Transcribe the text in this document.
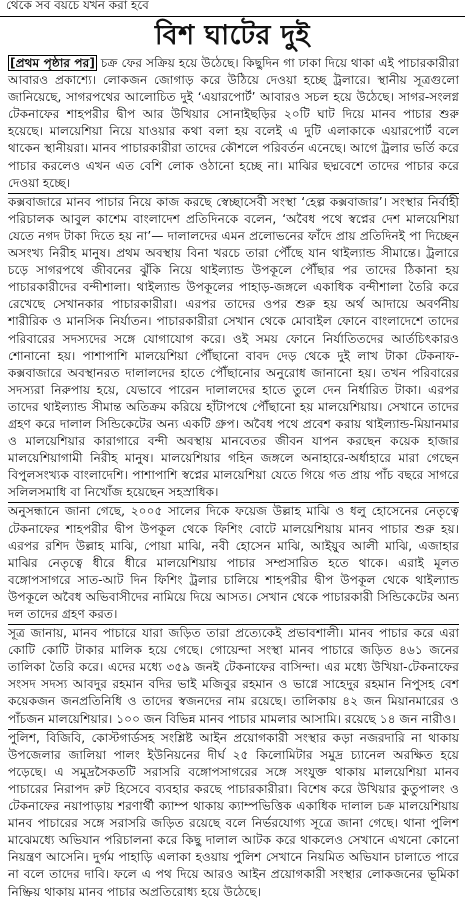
থেকে সব বয়চে যখন করা হবে
বিশ ঘাটের দুই

[প্রথম পৃষ্ঠার পর] চক্র ফের সক্রিয় হয়ে উঠেছে। কিছুদিন গা ঢাকা দিয়ে থাকা এই পাচারকারীরা আবারও প্রকাশ্যে। লোকজন জোগাড় করে উঠিয়ে দেওয়া হচ্ছে ট্রলারে। স্থানীয় সূত্রগুলো জানিয়েছে, সাগরপথের আলোচিত দুই ‘এয়ারপোর্ট’ আবারও সচল হয়ে উঠেছে। সাগর-সংলগ্ন টেকনাফের শাহপরীর দ্বীপ আর উখিয়ার সোনাইছড়ির ২০টি ঘাট দিয়ে মানব পাচার শুরু হয়েছে। মালয়েশিয়া নিয়ে যাওয়ার কথা বলা হয় বলেই এ দুটি এলাকাকে এয়ারপোর্ট বলে থাকেন স্থানীয়রা। মানব পাচারকারীরা তাদের কৌশলে পরিবর্তন এনেছে। আগে ট্রলার ভর্তি করে পাচার করলেও এখন এত বেশি লোক ওঠানো হচ্ছে না। মাঝির ছদ্মবেশে তাদের পাচার করে দেওয়া হচ্ছে।

কক্সবাজারে মানব পাচার নিয়ে কাজ করছে স্বেচ্ছাসেবী সংস্থা ‘হেল্প কক্সবাজার’। সংস্থার নির্বাহী পরিচালক আবুল কাশেম বাংলাদেশ প্রতিদিনকে বলেন, ‘অবৈধ পথে স্বপ্নের দেশ মালয়েশিয়া যেতে নগদ টাকা দিতে হয় না’— দালালদের এমন প্রলোভনের ফাঁদে প্রায় প্রতিদিনই পা দিচ্ছেন অসংখ্য নিরীহ মানুষ। প্রথম অবস্থায় বিনা খরচে তারা পৌঁছে যান থাইল্যান্ড সীমান্তে। ট্রলারে চড়ে সাগরপথে জীবনের ঝুঁকি নিয়ে থাইল্যান্ড উপকূলে পৌঁছার পর তাদের ঠিকানা হয় পাচারকারীদের বন্দীশালা। থাইল্যান্ড উপকূলের পাহাড়-জঙ্গলে একাধিক বন্দীশালা তৈরি করে রেখেছে সেখানকার পাচারকারীরা। এরপর তাদের ওপর শুরু হয় অর্থ আদায়ে অবর্ণনীয় শারীরিক ও মানসিক নির্যাতন। পাচারকারীরা সেখান থেকে মোবাইল ফোনে বাংলাদেশে তাদের পরিবারের সদস্যদের সঙ্গে যোগাযোগ করে। ওই সময় ফোনে নির্যাতিতদের আর্তচিৎকারও শোনানো হয়। পাশাপাশি মালয়েশিয়া পৌঁছানো বাবদ দেড় থেকে দুই লাখ টাকা টেকনাফ-কক্সবাজারে অবস্থানরত দালালদের হাতে পৌঁছানোর অনুরোধ জানানো হয়। তখন পরিবারের সদস্যরা নিরুপায় হয়ে, যেভাবে পারেন দালালদের হাতে তুলে দেন নির্ধারিত টাকা। এরপর তাদের থাইল্যান্ড সীমান্ত অতিক্রম করিয়ে হাঁটাপথে পৌঁছানো হয় মালয়েশিয়ায়। সেখানে তাদের গ্রহণ করে দালাল সিন্ডিকেটের অন্য একটি গ্রুপ। অবৈধ পথে প্রবেশ করায় থাইল্যান্ড-মিয়ানমার ও মালয়েশিয়ার কারাগারে বন্দী অবস্থায় মানবেতর জীবন যাপন করছেন কয়েক হাজার মালয়েশিয়াগামী নিরীহ মানুষ। মালয়েশিয়ার গহিন জঙ্গলে অনাহারে-অর্ধাহারে মারা গেছেন বিপুলসংখ্যক বাংলাদেশি। পাশাপাশি স্বপ্নের মালয়েশিয়া যেতে গিয়ে গত প্রায় পাঁচ বছরে সাগরে সলিলসমাধি বা নিখোঁজ হয়েছেন সহস্রাধিক।

অনুসন্ধানে জানা গেছে, ২০০৫ সালের দিকে ফয়েজ উল্লাহ মাঝি ও ধলু হোসেনের নেতৃত্বে টেকনাফের শাহপরীর দ্বীপ উপকূল থেকে ফিশিং বোটে মালয়েশিয়ায় মানব পাচার শুরু হয়। এরপর রশিদ উল্লাহ মাঝি, পোয়া মাঝি, নবী হোসেন মাঝি, আইয়ুব আলী মাঝি, এজাহার মাঝির নেতৃত্বে ধীরে ধীরে মালয়েশিয়ায় পাচার সম্প্রসারিত হতে থাকে। এরাই মূলত বঙ্গোপসাগরে সাত-আট দিন ফিশিং ট্রলার চালিয়ে শাহপরীর দ্বীপ উপকূল থেকে থাইল্যান্ড উপকূলে অবৈধ অভিবাসীদের নামিয়ে দিয়ে আসত। সেখান থেকে পাচারকারী সিন্ডিকেটের অন্য দল তাদের গ্রহণ করত।

সূত্র জানায়, মানব পাচারে যারা জড়িত তারা প্রত্যেকেই প্রভাবশালী। মানব পাচার করে এরা কোটি কোটি টাকার মালিক হয়ে গেছে। গোয়েন্দা সংস্থা মানব পাচারে জড়িত ৪৬১ জনের তালিকা তৈরি করে। এদের মধ্যে ৩৫৯ জনই টেকনাফের বাসিন্দা। এর মধ্যে উখিয়া-টেকনাফের সংসদ সদস্য আবদুর রহমান বদির ভাই মজিবুর রহমান ও ভাগ্নে সাহেদুর রহমান নিপুসহ বেশ কয়েকজন জনপ্রতিনিধি ও তাদের স্বজনদের নাম রয়েছে। তালিকায় ৪২ জন মিয়ানমারের ও পাঁচজন মালয়েশিয়ার। ১০০ জন বিভিন্ন মানব পাচার মামলার আসামি। রয়েছে ১৪ জন নারীও।

পুলিশ, বিজিবি, কোস্টগার্ডসহ সংশ্লিষ্ট আইন প্রয়োগকারী সংস্থার কড়া নজরদারি না থাকায় উপজেলার জালিয়া পালং ইউনিয়নের দীর্ঘ ২৫ কিলোমিটার সমুদ্র চ্যানেল অরক্ষিত হয়ে পড়েছে। এ সমুদ্রসৈকতটি সরাসরি বঙ্গোপসাগরের সঙ্গে সংযুক্ত থাকায় মালয়েশিয়া মানব পাচারের নিরাপদ রুট হিসেবে ব্যবহার করছে পাচারকারীরা। বিশেষ করে উখিয়ার কুতুপালং ও টেকনাফের নয়াপাড়ায় শরণার্থী ক্যাম্প থাকায় ক্যাম্পভিত্তিক একাধিক দালাল চক্র মালয়েশিয়ায় মানব পাচারের সঙ্গে সরাসরি জড়িত রয়েছে বলে নির্ভরযোগ্য সূত্রে জানা গেছে। থানা পুলিশ মাঝেমধ্যে অভিযান পরিচালনা করে কিছু দালাল আটক করে থাকলেও সেখানে এখনো কোনো নিয়ন্ত্রণ আসেনি। দুর্গম পাহাড়ি এলাকা হওয়ায় পুলিশ সেখানে নিয়মিত অভিযান চালাতে পারে না বলে তাদের দাবি। ফলে এ পথ দিয়ে আরও আইন প্রয়োগকারী সংস্থার লোকজনের ভূমিকা নিষ্ক্রিয় থাকায় মানব পাচার অপ্রতিরোধ্য হয়ে উঠেছে।
